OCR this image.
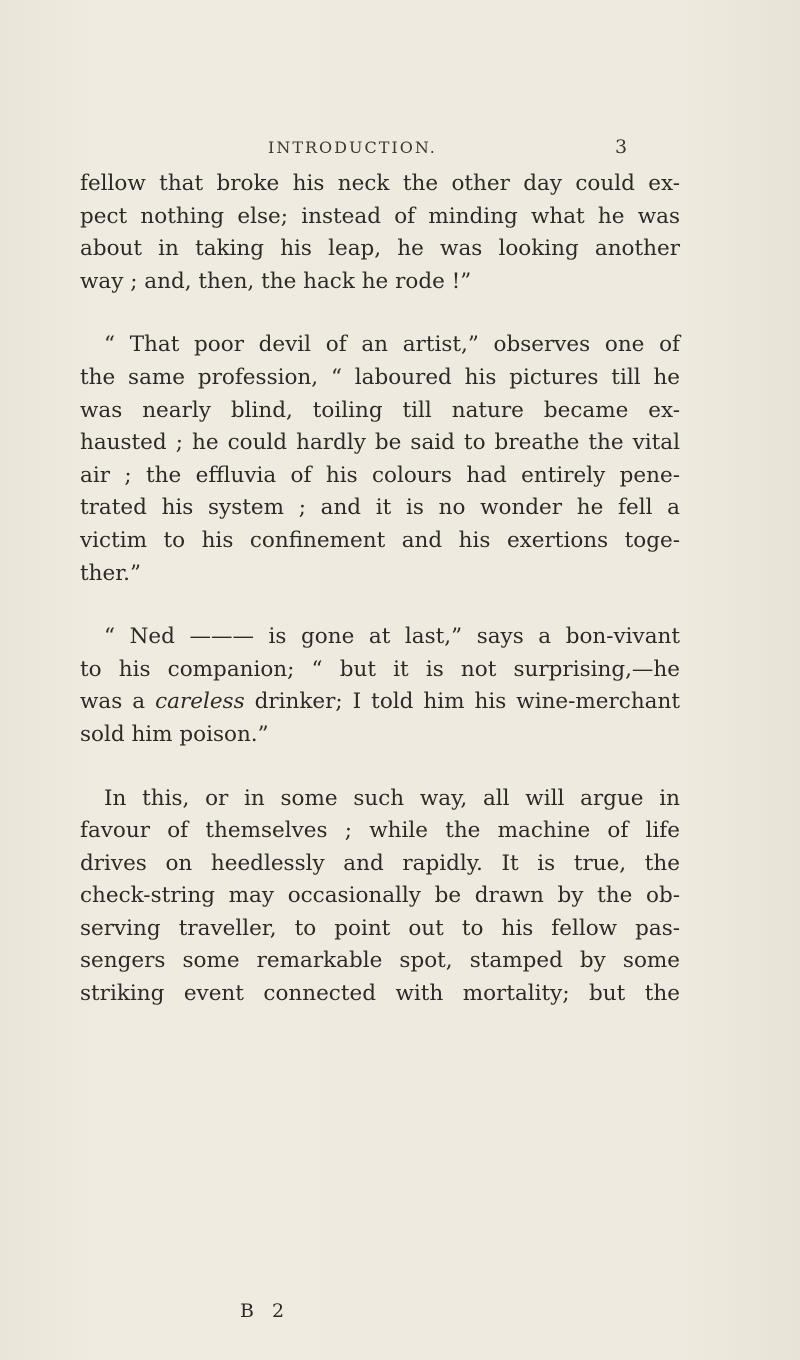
INTRODUCTION.	3
fellow that broke his neck the other day could ex-
pect nothing else; instead of minding what he was
about in taking his leap, he was looking another
way ; and, then, the hack he rode !”
“ That poor devil of an artist,” observes one of
the same profession, “ laboured his pictures till he
was nearly blind, toiling till nature became ex-
hausted ; he could hardly be said to breathe the vital
air ; the effluvia of his colours had entirely pene-
trated his system ; and it is no wonder he fell a
victim to his confinement and his exertions toge-
ther.”
“ Ned ——— is gone at last,” says a bon-vivant
to his companion; “ but it is not surprising,—he
was a careless drinker; I told him his wine-merchant
sold him poison.”
In this, or in some such way, all will argue in
favour of themselves ; while the machine of life
drives on heedlessly and rapidly. It is true, the
check-string may occasionally be drawn by the ob-
serving traveller, to point out to his fellow pas-
sengers some remarkable spot, stamped by some
striking event connected with mortality; but the
B 2
